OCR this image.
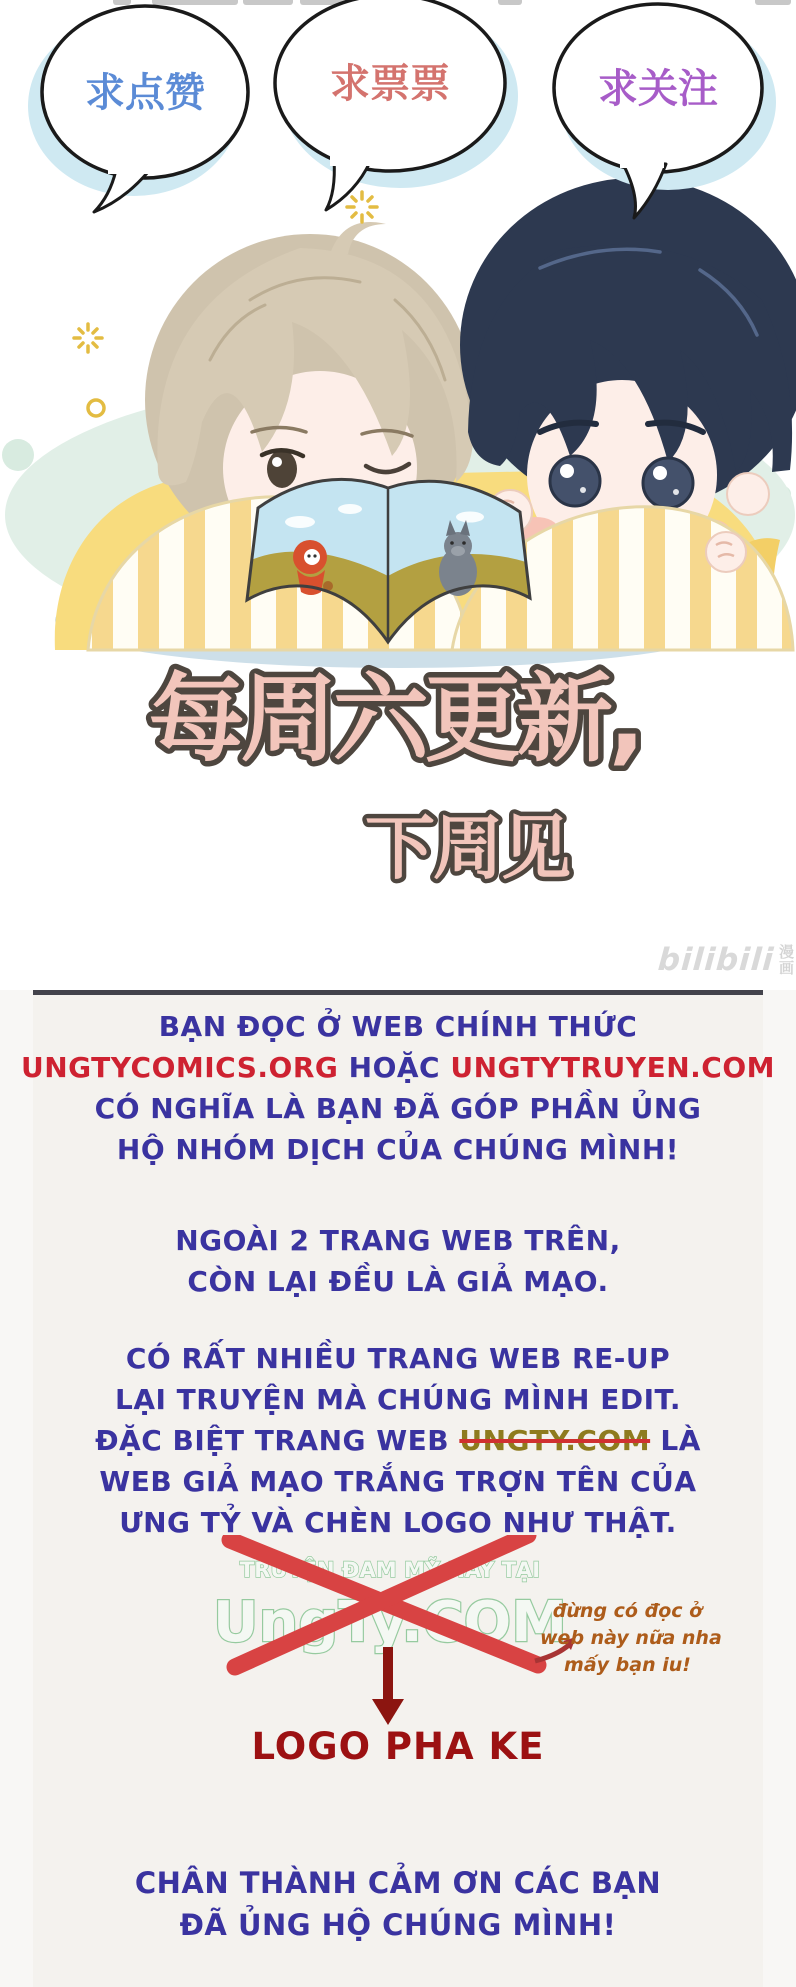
求点赞	求票票	求关注
每周六更新,
下周见
bilibili 漫画
BẠN ĐỌC Ở WEB CHÍNH THỨC
UNGTYCOMICS.ORG HOẶC UNGTYTRUYEN.COM
CÓ NGHĨA LÀ BẠN ĐÃ GÓP PHẦN ỦNG
HỘ NHÓM DỊCH CỦA CHÚNG MÌNH!
NGOÀI 2 TRANG WEB TRÊN,
CÒN LẠI ĐỀU LÀ GIẢ MẠO.
CÓ RẤT NHIỀU TRANG WEB RE-UP
LẠI TRUYỆN MÀ CHÚNG MÌNH EDIT.
ĐẶC BIỆT TRANG WEB UNGTY.COM LÀ
WEB GIẢ MẠO TRẮNG TRỢN TÊN CỦA
ƯNG TỶ VÀ CHÈN LOGO NHƯ THẬT.
TRUYỆN ĐAM MỸ HAY TẠI
UngTy.COM
đừng có đọc ở
web này nữa nha
mấy bạn iu!
LOGO PHA KE
CHÂN THÀNH CẢM ƠN CÁC BẠN
ĐÃ ỦNG HỘ CHÚNG MÌNH!
